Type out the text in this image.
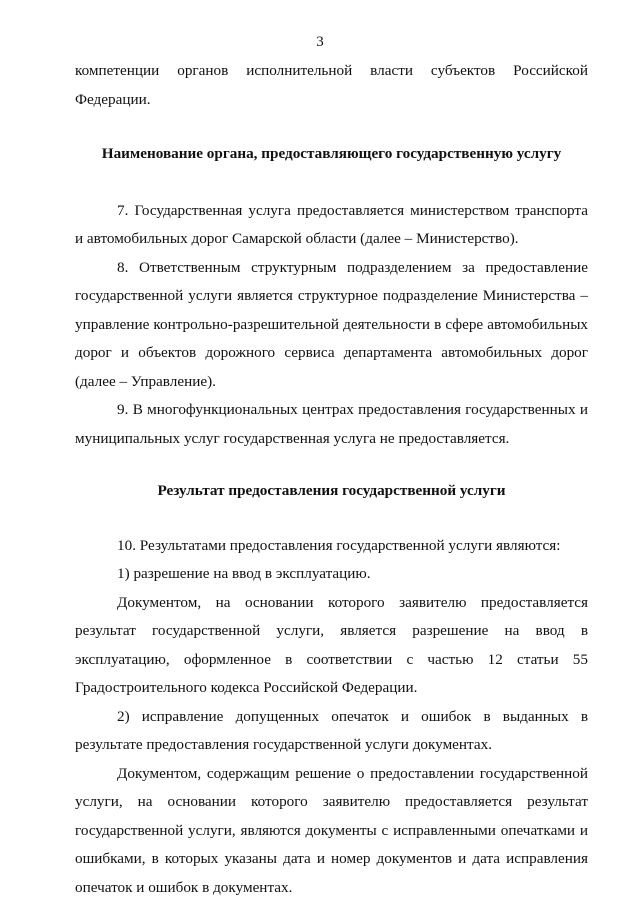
3

компетенции органов исполнительной власти субъектов Российской Федерации.

Наименование органа, предоставляющего государственную услугу

7. Государственная услуга предоставляется министерством транспорта и автомобильных дорог Самарской области (далее – Министерство).

8. Ответственным структурным подразделением за предоставление государственной услуги является структурное подразделение Министерства – управление контрольно-разрешительной деятельности в сфере автомобильных дорог и объектов дорожного сервиса департамента автомобильных дорог (далее – Управление).

9. В многофункциональных центрах предоставления государственных и муниципальных услуг государственная услуга не предоставляется.

Результат предоставления государственной услуги

10. Результатами предоставления государственной услуги являются:

1) разрешение на ввод в эксплуатацию.

Документом, на основании которого заявителю предоставляется результат государственной услуги, является разрешение на ввод в эксплуатацию, оформленное в соответствии с частью 12 статьи 55 Градостроительного кодекса Российской Федерации.

2) исправление допущенных опечаток и ошибок в выданных в результате предоставления государственной услуги документах.

Документом, содержащим решение о предоставлении государственной услуги, на основании которого заявителю предоставляется результат государственной услуги, являются документы с исправленными опечатками и ошибками, в которых указаны дата и номер документов и дата исправления опечаток и ошибок в документах.
